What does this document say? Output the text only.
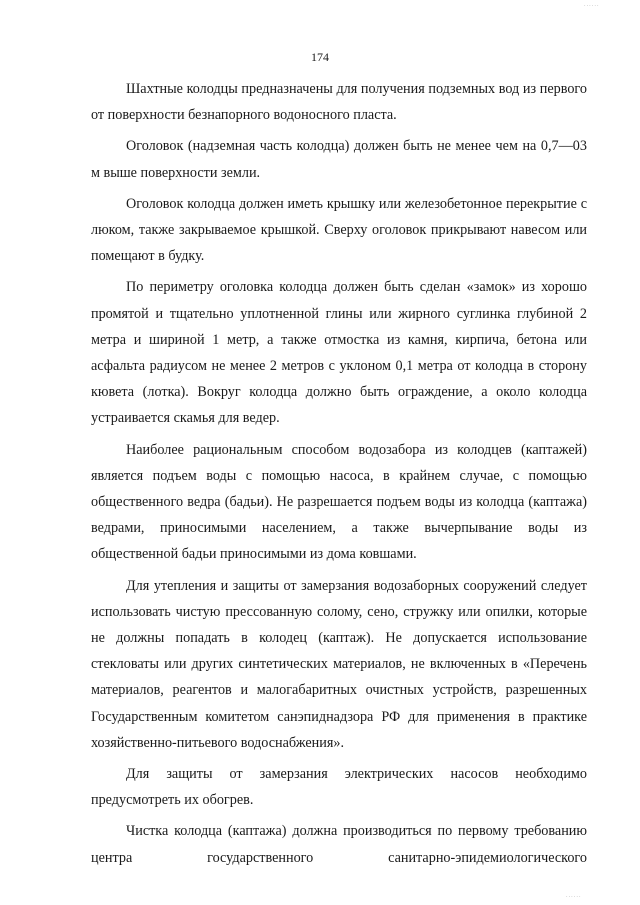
......
174

Шахтные колодцы предназначены для получения подземных вод из первого от поверхности безнапорного водоносного пласта.

Оголовок (надземная часть колодца) должен быть не менее чем на 0,7—03 м выше поверхности земли.

Оголовок колодца должен иметь крышку или железобетонное перекрытие с люком, также закрываемое крышкой. Сверху оголовок прикрывают навесом или помещают в будку.

По периметру оголовка колодца должен быть сделан «замок» из хорошо промятой и тщательно уплотненной глины или жирного суглинка глубиной 2 метра и шириной 1 метр, а также отмостка из камня, кирпича, бетона или асфальта радиусом не менее 2 метров с уклоном 0,1 метра от колодца в сторону кювета (лотка). Вокруг колодца должно быть ограждение, а около колодца устраивается скамья для ведер.

Наиболее рациональным способом водозабора из колодцев (каптажей) является подъем воды с помощью насоса, в крайнем случае, с помощью общественного ведра (бадьи). Не разрешается подъем воды из колодца (каптажа) ведрами, приносимыми населением, а также вычерпывание воды из общественной бадьи приносимыми из дома ковшами.

Для утепления и защиты от замерзания водозаборных сооружений следует использовать чистую прессованную солому, сено, стружку или опилки, которые не должны попадать в колодец (каптаж). Не допускается использование стекловаты или других синтетических материалов, не включенных в «Перечень материалов, реагентов и малогабаритных очистных устройств, разрешенных Государственным комитетом санэпиднадзора РФ для применения в практике хозяйственно-питьевого водоснабжения».

Для защиты от замерзания электрических насосов необходимо предусмотреть их обогрев.

Чистка колодца (каптажа) должна производиться по первому требованию центра государственного санитарно-эпидемиологического

......
